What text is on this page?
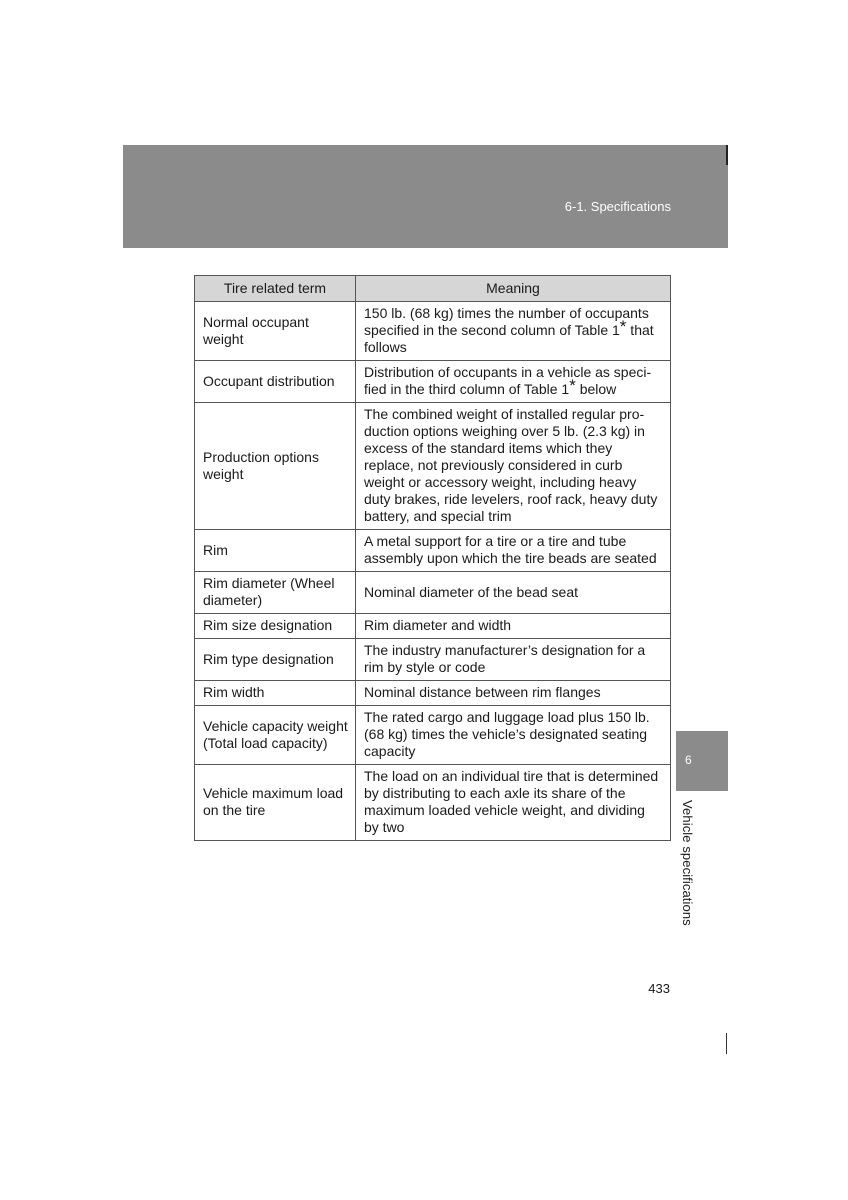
6-1. Specifications
Tire related term	Meaning
Normal occupant weight	150 lb. (68 kg) times the number of occupants specified in the second column of Table 1* that follows
Occupant distribution	Distribution of occupants in a vehicle as speci-fied in the third column of Table 1* below
Production options weight	The combined weight of installed regular pro-duction options weighing over 5 lb. (2.3 kg) in excess of the standard items which they replace, not previously considered in curb weight or accessory weight, including heavy duty brakes, ride levelers, roof rack, heavy duty battery, and special trim
Rim	A metal support for a tire or a tire and tube assembly upon which the tire beads are seated
Rim diameter (Wheel diameter)	Nominal diameter of the bead seat
Rim size designation	Rim diameter and width
Rim type designation	The industry manufacturer’s designation for a rim by style or code
Rim width	Nominal distance between rim flanges
Vehicle capacity weight (Total load capacity)	The rated cargo and luggage load plus 150 lb. (68 kg) times the vehicle’s designated seating capacity
Vehicle maximum load on the tire	The load on an individual tire that is determined by distributing to each axle its share of the maximum loaded vehicle weight, and dividing by two
6
Vehicle specifications
433
